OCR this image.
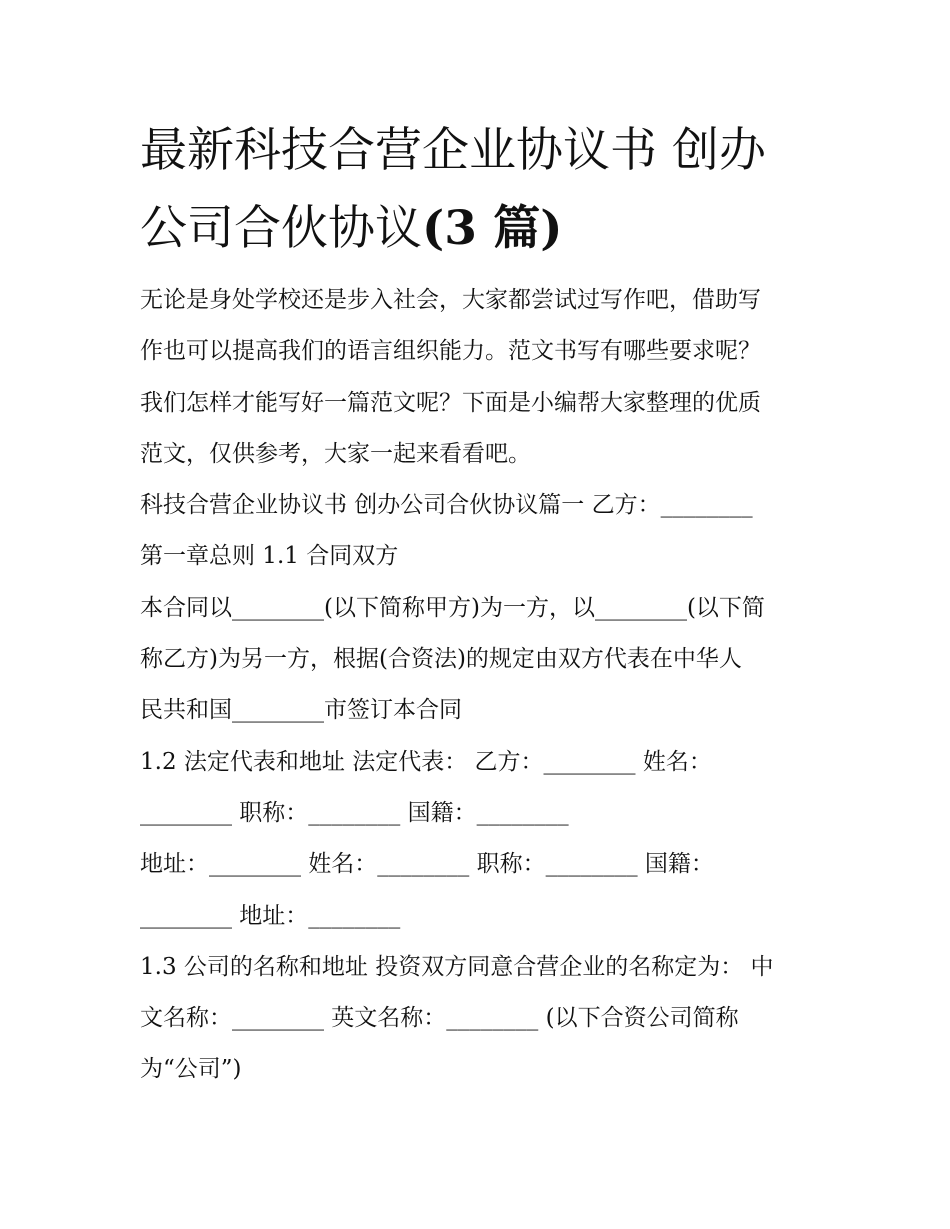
最新科技合营企业协议书 创办
公司合伙协议(3 篇)

无论是身处学校还是步入社会，大家都尝试过写作吧，借助写

作也可以提高我们的语言组织能力。范文书写有哪些要求呢？

我们怎样才能写好一篇范文呢？下面是小编帮大家整理的优质

范文，仅供参考，大家一起来看看吧。

科技合营企业协议书 创办公司合伙协议篇一 乙方：________

第一章总则 1.1 合同双方

本合同以________(以下简称甲方)为一方，以________(以下简

称乙方)为另一方，根据(合资法)的规定由双方代表在中华人

民共和国________市签订本合同

1.2 法定代表和地址 法定代表： 乙方：________ 姓名：

________ 职称：________ 国籍：________

地址：________ 姓名：________ 职称：________ 国籍：

________ 地址：________

1.3 公司的名称和地址 投资双方同意合营企业的名称定为： 中

文名称：________ 英文名称：________ (以下合资公司简称

为“公司”)
